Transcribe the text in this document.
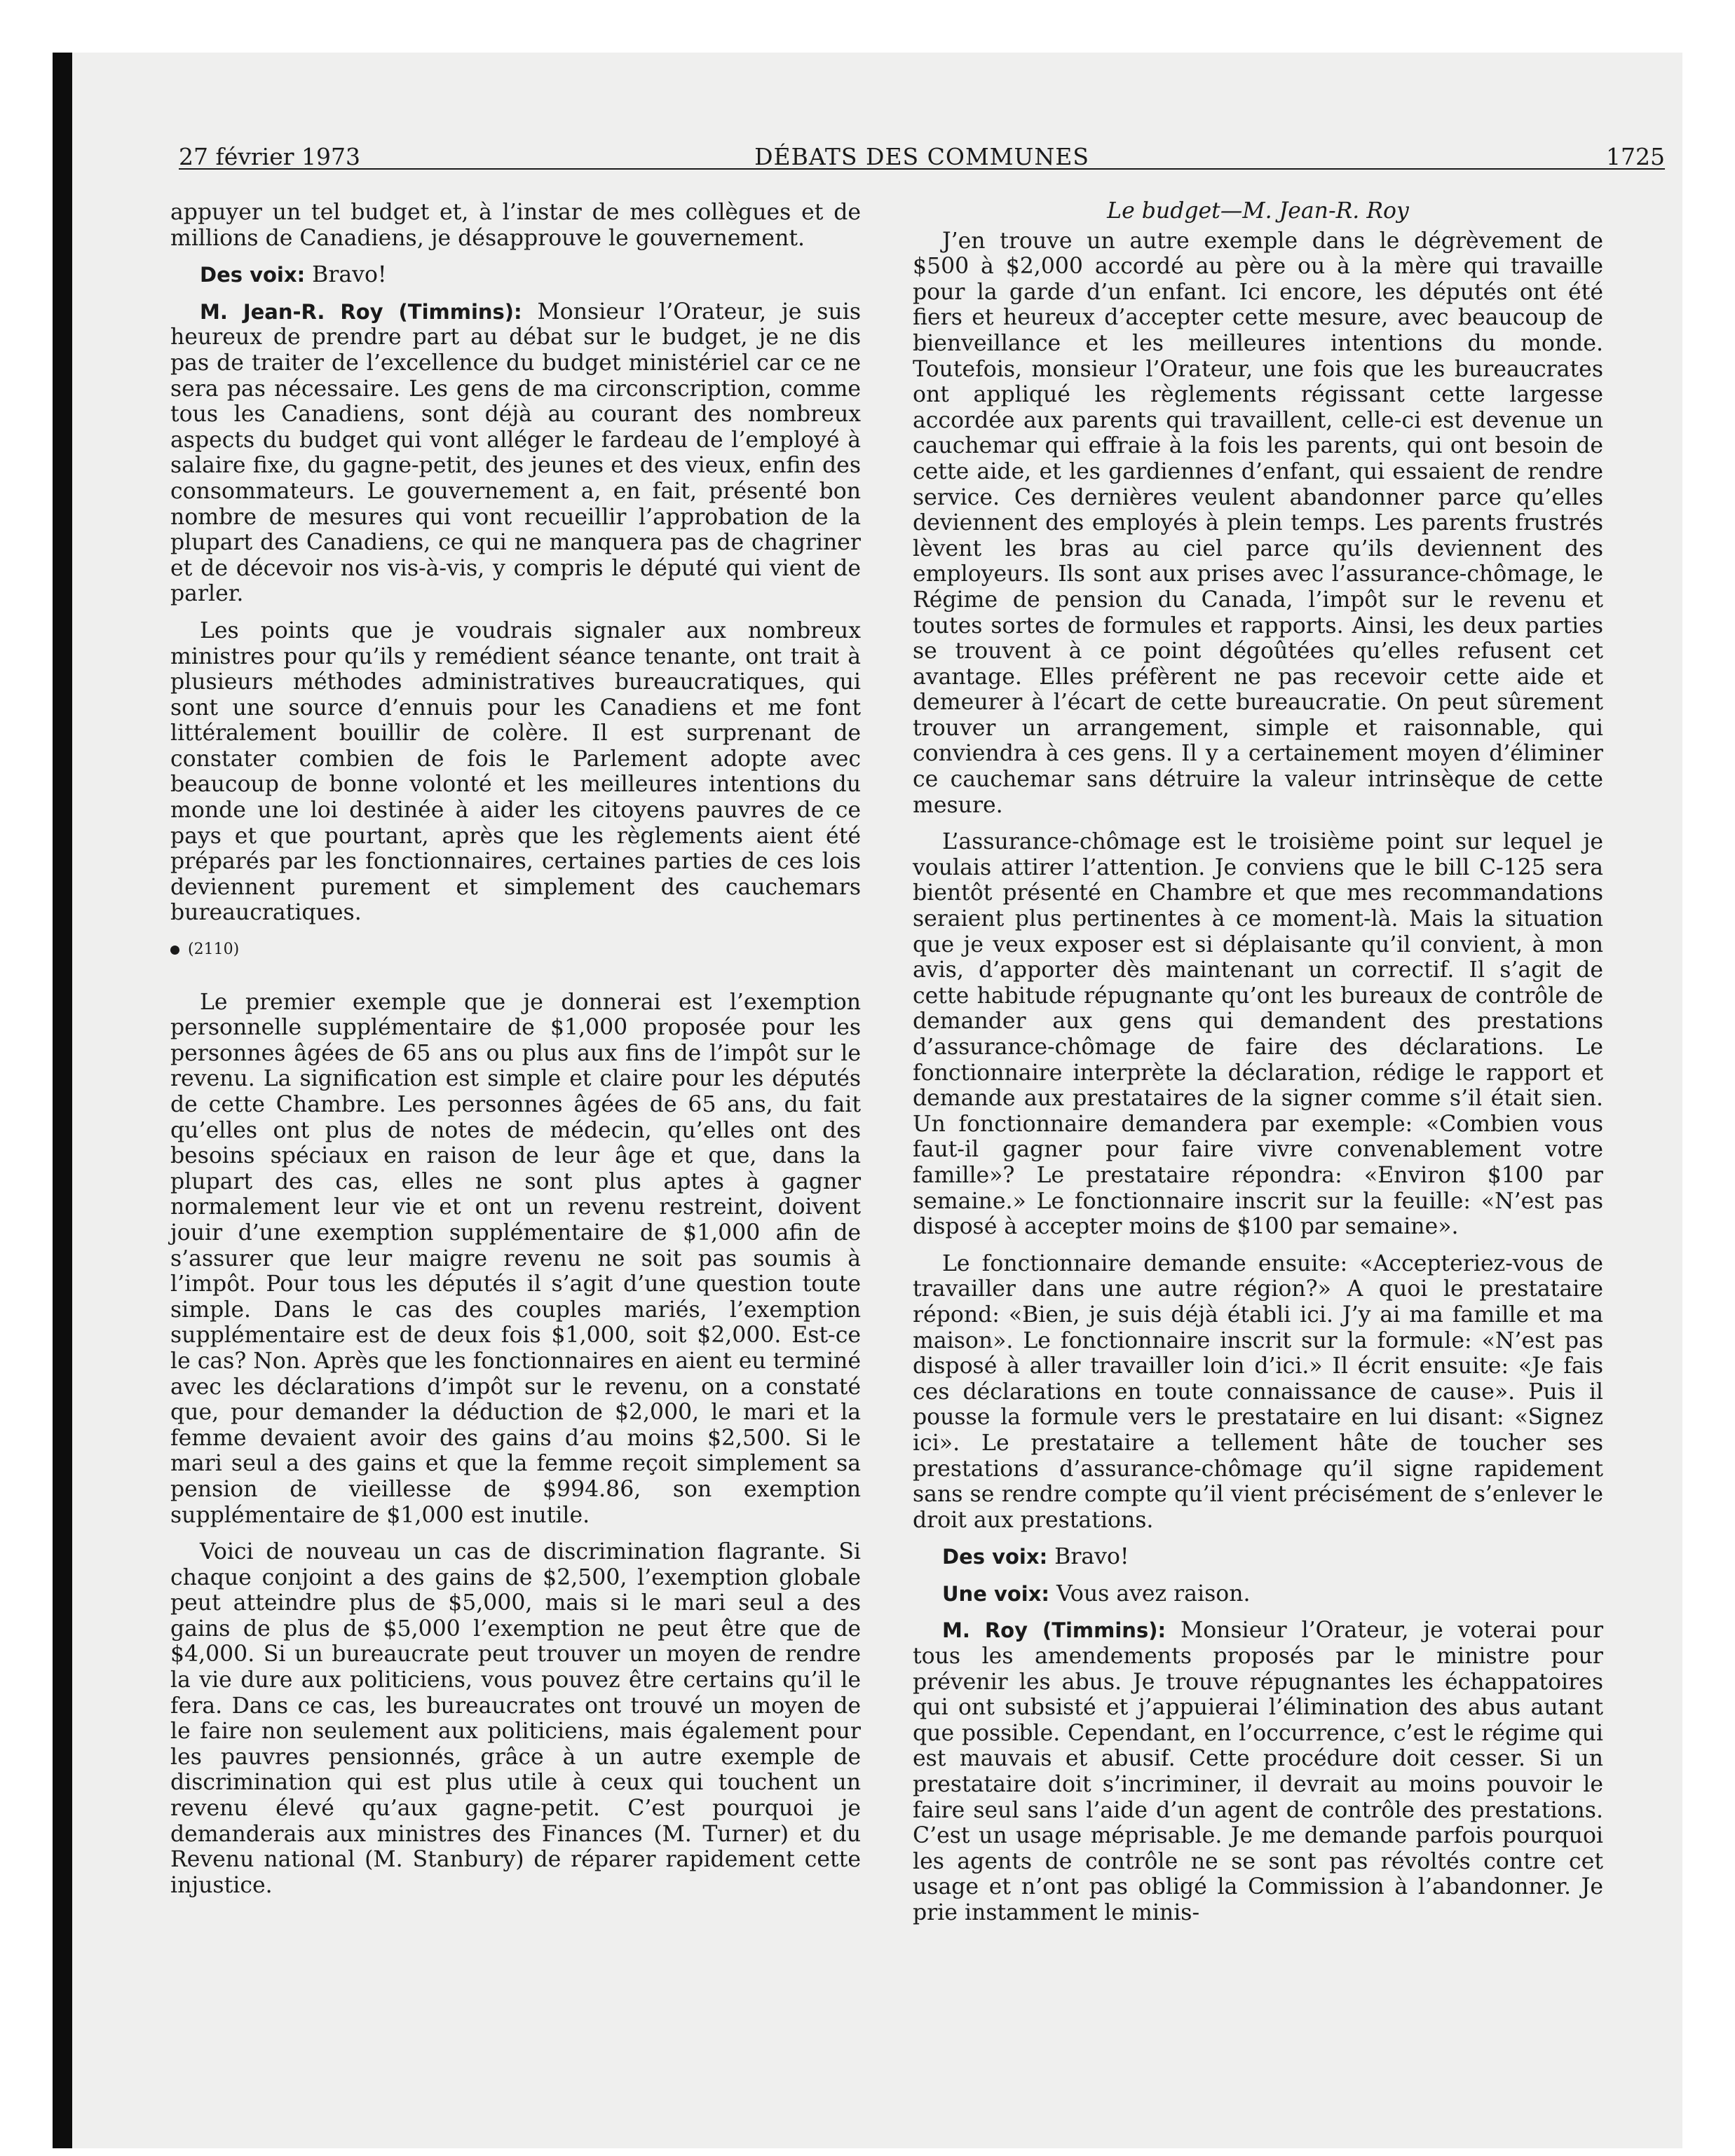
27 février 1973	DÉBATS DES COMMUNES	1725

appuyer un tel budget et, à l’instar de mes collègues et de millions de Canadiens, je désapprouve le gouvernement.

Des voix: Bravo!

M. Jean-R. Roy (Timmins): Monsieur l’Orateur, je suis heureux de prendre part au débat sur le budget, je ne dis pas de traiter de l’excellence du budget ministériel car ce ne sera pas nécessaire. Les gens de ma circonscription, comme tous les Canadiens, sont déjà au courant des nombreux aspects du budget qui vont alléger le fardeau de l’employé à salaire fixe, du gagne-petit, des jeunes et des vieux, enfin des consommateurs. Le gouvernement a, en fait, présenté bon nombre de mesures qui vont recueillir l’approbation de la plupart des Canadiens, ce qui ne manquera pas de chagriner et de décevoir nos vis-à-vis, y compris le député qui vient de parler.

Les points que je voudrais signaler aux nombreux ministres pour qu’ils y remédient séance tenante, ont trait à plusieurs méthodes administratives bureaucratiques, qui sont une source d’ennuis pour les Canadiens et me font littéralement bouillir de colère. Il est surprenant de constater combien de fois le Parlement adopte avec beaucoup de bonne volonté et les meilleures intentions du monde une loi destinée à aider les citoyens pauvres de ce pays et que pourtant, après que les règlements aient été préparés par les fonctionnaires, certaines parties de ces lois deviennent purement et simplement des cauchemars bureaucratiques.

(2110)

Le premier exemple que je donnerai est l’exemption personnelle supplémentaire de $1,000 proposée pour les personnes âgées de 65 ans ou plus aux fins de l’impôt sur le revenu. La signification est simple et claire pour les députés de cette Chambre. Les personnes âgées de 65 ans, du fait qu’elles ont plus de notes de médecin, qu’elles ont des besoins spéciaux en raison de leur âge et que, dans la plupart des cas, elles ne sont plus aptes à gagner normalement leur vie et ont un revenu restreint, doivent jouir d’une exemption supplémentaire de $1,000 afin de s’assurer que leur maigre revenu ne soit pas soumis à l’impôt. Pour tous les députés il s’agit d’une question toute simple. Dans le cas des couples mariés, l’exemption supplémentaire est de deux fois $1,000, soit $2,000. Est-ce le cas? Non. Après que les fonctionnaires en aient eu terminé avec les déclarations d’impôt sur le revenu, on a constaté que, pour demander la déduction de $2,000, le mari et la femme devaient avoir des gains d’au moins $2,500. Si le mari seul a des gains et que la femme reçoit simplement sa pension de vieillesse de $994.86, son exemption supplémentaire de $1,000 est inutile.

Voici de nouveau un cas de discrimination flagrante. Si chaque conjoint a des gains de $2,500, l’exemption globale peut atteindre plus de $5,000, mais si le mari seul a des gains de plus de $5,000 l’exemption ne peut être que de $4,000. Si un bureaucrate peut trouver un moyen de rendre la vie dure aux politiciens, vous pouvez être certains qu’il le fera. Dans ce cas, les bureaucrates ont trouvé un moyen de le faire non seulement aux politiciens, mais également pour les pauvres pensionnés, grâce à un autre exemple de discrimination qui est plus utile à ceux qui touchent un revenu élevé qu’aux gagne-petit. C’est pourquoi je demanderais aux ministres des Finances (M. Turner) et du Revenu national (M. Stanbury) de réparer rapidement cette injustice.

Le budget—M. Jean-R. Roy

J’en trouve un autre exemple dans le dégrèvement de $500 à $2,000 accordé au père ou à la mère qui travaille pour la garde d’un enfant. Ici encore, les députés ont été fiers et heureux d’accepter cette mesure, avec beaucoup de bienveillance et les meilleures intentions du monde. Toutefois, monsieur l’Orateur, une fois que les bureaucrates ont appliqué les règlements régissant cette largesse accordée aux parents qui travaillent, celle-ci est devenue un cauchemar qui effraie à la fois les parents, qui ont besoin de cette aide, et les gardiennes d’enfant, qui essaient de rendre service. Ces dernières veulent abandonner parce qu’elles deviennent des employés à plein temps. Les parents frustrés lèvent les bras au ciel parce qu’ils deviennent des employeurs. Ils sont aux prises avec l’assurance-chômage, le Régime de pension du Canada, l’impôt sur le revenu et toutes sortes de formules et rapports. Ainsi, les deux parties se trouvent à ce point dégoûtées qu’elles refusent cet avantage. Elles préfèrent ne pas recevoir cette aide et demeurer à l’écart de cette bureaucratie. On peut sûrement trouver un arrangement, simple et raisonnable, qui conviendra à ces gens. Il y a certainement moyen d’éliminer ce cauchemar sans détruire la valeur intrinsèque de cette mesure.

L’assurance-chômage est le troisième point sur lequel je voulais attirer l’attention. Je conviens que le bill C-125 sera bientôt présenté en Chambre et que mes recommandations seraient plus pertinentes à ce moment-là. Mais la situation que je veux exposer est si déplaisante qu’il convient, à mon avis, d’apporter dès maintenant un correctif. Il s’agit de cette habitude répugnante qu’ont les bureaux de contrôle de demander aux gens qui demandent des prestations d’assurance-chômage de faire des déclarations. Le fonctionnaire interprète la déclaration, rédige le rapport et demande aux prestataires de la signer comme s’il était sien. Un fonctionnaire demandera par exemple: «Combien vous faut-il gagner pour faire vivre convenablement votre famille»? Le prestataire répondra: «Environ $100 par semaine.» Le fonctionnaire inscrit sur la feuille: «N’est pas disposé à accepter moins de $100 par semaine».

Le fonctionnaire demande ensuite: «Accepteriez-vous de travailler dans une autre région?» A quoi le prestataire répond: «Bien, je suis déjà établi ici. J’y ai ma famille et ma maison». Le fonctionnaire inscrit sur la formule: «N’est pas disposé à aller travailler loin d’ici.» Il écrit ensuite: «Je fais ces déclarations en toute connaissance de cause». Puis il pousse la formule vers le prestataire en lui disant: «Signez ici». Le prestataire a tellement hâte de toucher ses prestations d’assurance-chômage qu’il signe rapidement sans se rendre compte qu’il vient précisément de s’enlever le droit aux prestations.

Des voix: Bravo!

Une voix: Vous avez raison.

M. Roy (Timmins): Monsieur l’Orateur, je voterai pour tous les amendements proposés par le ministre pour prévenir les abus. Je trouve répugnantes les échappatoires qui ont subsisté et j’appuierai l’élimination des abus autant que possible. Cependant, en l’occurrence, c’est le régime qui est mauvais et abusif. Cette procédure doit cesser. Si un prestataire doit s’incriminer, il devrait au moins pouvoir le faire seul sans l’aide d’un agent de contrôle des prestations. C’est un usage méprisable. Je me demande parfois pourquoi les agents de contrôle ne se sont pas révoltés contre cet usage et n’ont pas obligé la Commission à l’abandonner. Je prie instamment le minis-
